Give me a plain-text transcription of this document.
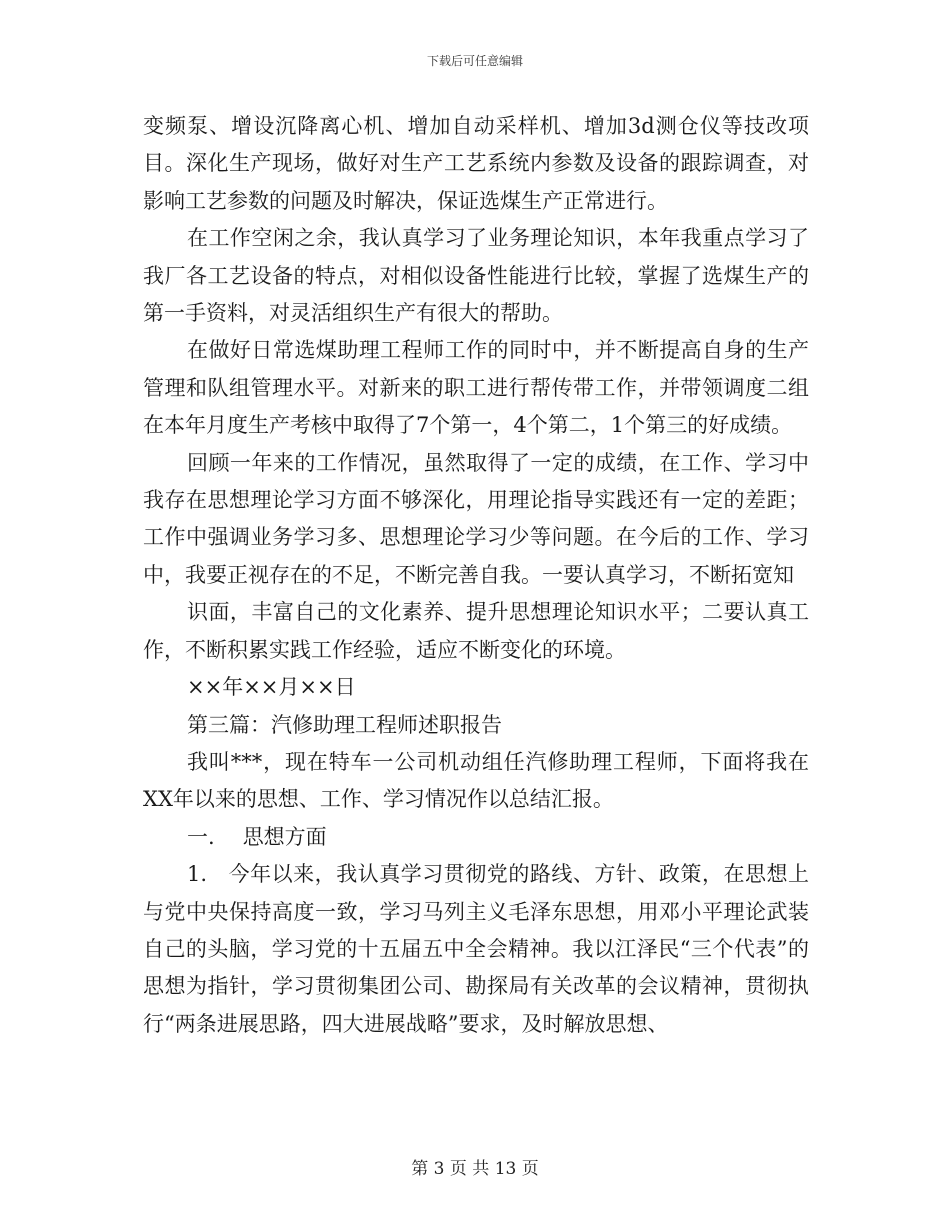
下载后可任意编辑

变频泵、增设沉降离心机、增加自动采样机、增加3d测仓仪等技改项目。深化生产现场，做好对生产工艺系统内参数及设备的跟踪调查，对影响工艺参数的问题及时解决，保证选煤生产正常进行。

在工作空闲之余，我认真学习了业务理论知识，本年我重点学习了我厂各工艺设备的特点，对相似设备性能进行比较，掌握了选煤生产的第一手资料，对灵活组织生产有很大的帮助。

在做好日常选煤助理工程师工作的同时中，并不断提高自身的生产管理和队组管理水平。对新来的职工进行帮传带工作，并带领调度二组在本年月度生产考核中取得了7个第一，4个第二，1个第三的好成绩。

回顾一年来的工作情况，虽然取得了一定的成绩，在工作、学习中我存在思想理论学习方面不够深化，用理论指导实践还有一定的差距；工作中强调业务学习多、思想理论学习少等问题。在今后的工作、学习中，我要正视存在的不足，不断完善自我。一要认真学习，不断拓宽知

识面，丰富自己的文化素养、提升思想理论知识水平；二要认真工作，不断积累实践工作经验，适应不断变化的环境。

××年××月××日

第三篇：汽修助理工程师述职报告

我叫***，现在特车一公司机动组任汽修助理工程师，下面将我在XX年以来的思想、工作、学习情况作以总结汇报。

一. 思想方面

1. 今年以来，我认真学习贯彻党的路线、方针、政策，在思想上与党中央保持高度一致，学习马列主义毛泽东思想，用邓小平理论武装自己的头脑，学习党的十五届五中全会精神。我以江泽民“三个代表”的思想为指针，学习贯彻集团公司、勘探局有关改革的会议精神，贯彻执行“两条进展思路，四大进展战略”要求，及时解放思想、

第 3 页 共 13 页
